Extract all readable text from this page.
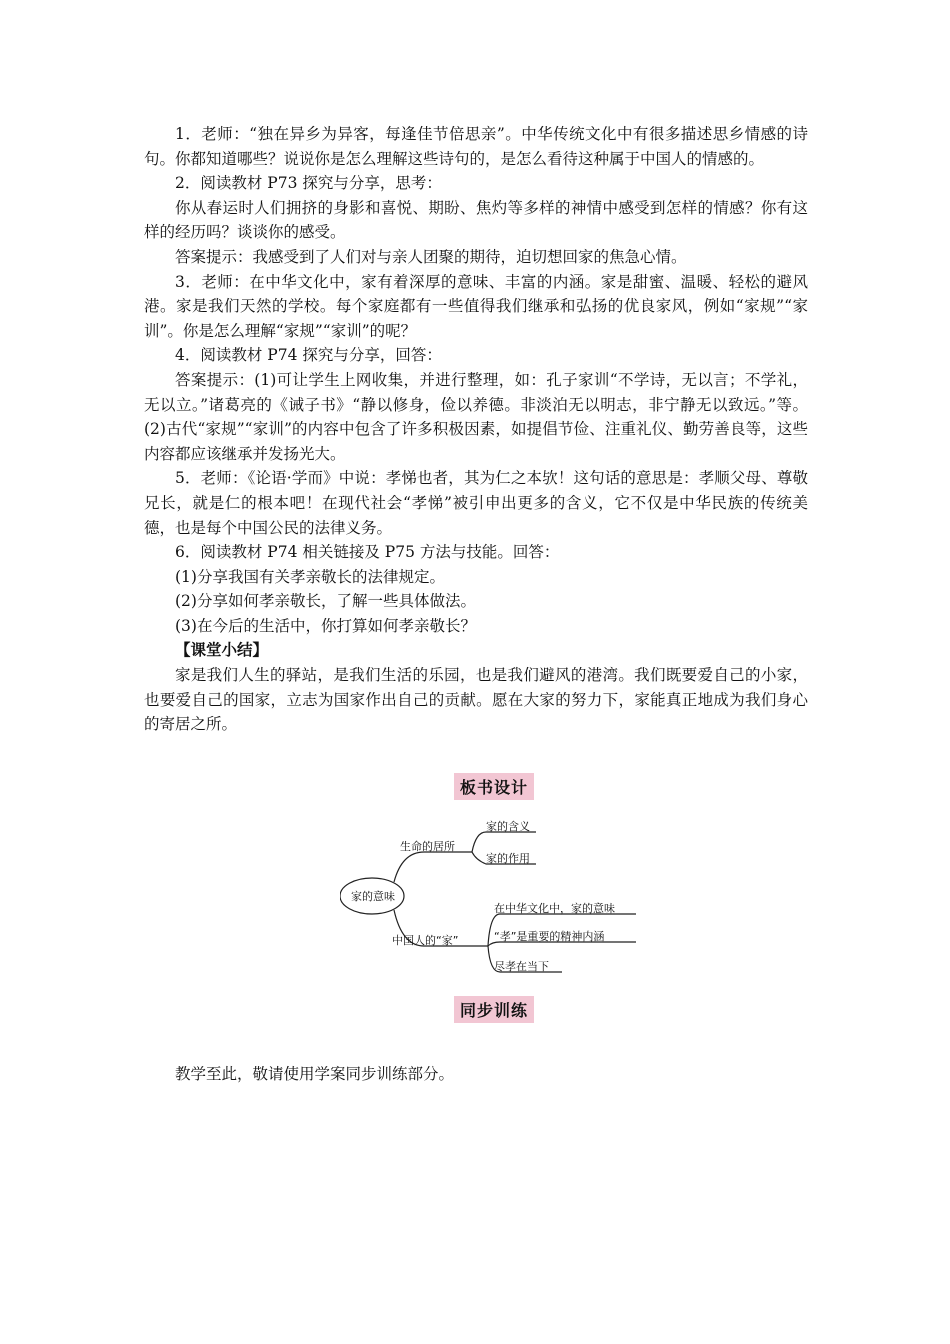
1．老师：“独在异乡为异客，每逢佳节倍思亲”。中华传统文化中有很多描述思乡情感的诗句。你都知道哪些？说说你是怎么理解这些诗句的，是怎么看待这种属于中国人的情感的。

2．阅读教材 P73 探究与分享，思考：

你从春运时人们拥挤的身影和喜悦、期盼、焦灼等多样的神情中感受到怎样的情感？你有这样的经历吗？谈谈你的感受。

答案提示：我感受到了人们对与亲人团聚的期待，迫切想回家的焦急心情。

3．老师：在中华文化中，家有着深厚的意味、丰富的内涵。家是甜蜜、温暖、轻松的避风港。家是我们天然的学校。每个家庭都有一些值得我们继承和弘扬的优良家风，例如“家规”“家训”。你是怎么理解“家规”“家训”的呢？

4．阅读教材 P74 探究与分享，回答：

答案提示：(1)可让学生上网收集，并进行整理，如：孔子家训“不学诗，无以言；不学礼，无以立。”诸葛亮的《诫子书》“静以修身，俭以养德。非淡泊无以明志，非宁静无以致远。”等。(2)古代“家规”“家训”的内容中包含了许多积极因素，如提倡节俭、注重礼仪、勤劳善良等，这些内容都应该继承并发扬光大。

5．老师：《论语·学而》中说：孝悌也者，其为仁之本欤！这句话的意思是：孝顺父母、尊敬兄长，就是仁的根本吧！在现代社会“孝悌”被引申出更多的含义，它不仅是中华民族的传统美德，也是每个中国公民的法律义务。

6．阅读教材 P74 相关链接及 P75 方法与技能。回答：

(1)分享我国有关孝亲敬长的法律规定。

(2)分享如何孝亲敬长，了解一些具体做法。

(3)在今后的生活中，你打算如何孝亲敬长？

【课堂小结】

家是我们人生的驿站，是我们生活的乐园，也是我们避风的港湾。我们既要爱自己的小家，也要爱自己的国家，立志为国家作出自己的贡献。愿在大家的努力下，家能真正地成为我们身心的寄居之所。

板书设计
家的意味
生命的居所
家的含义
家的作用
中国人的“家”
在中华文化中，家的意味
“孝”是重要的精神内涵
尽孝在当下
同步训练

教学至此，敬请使用学案同步训练部分。
